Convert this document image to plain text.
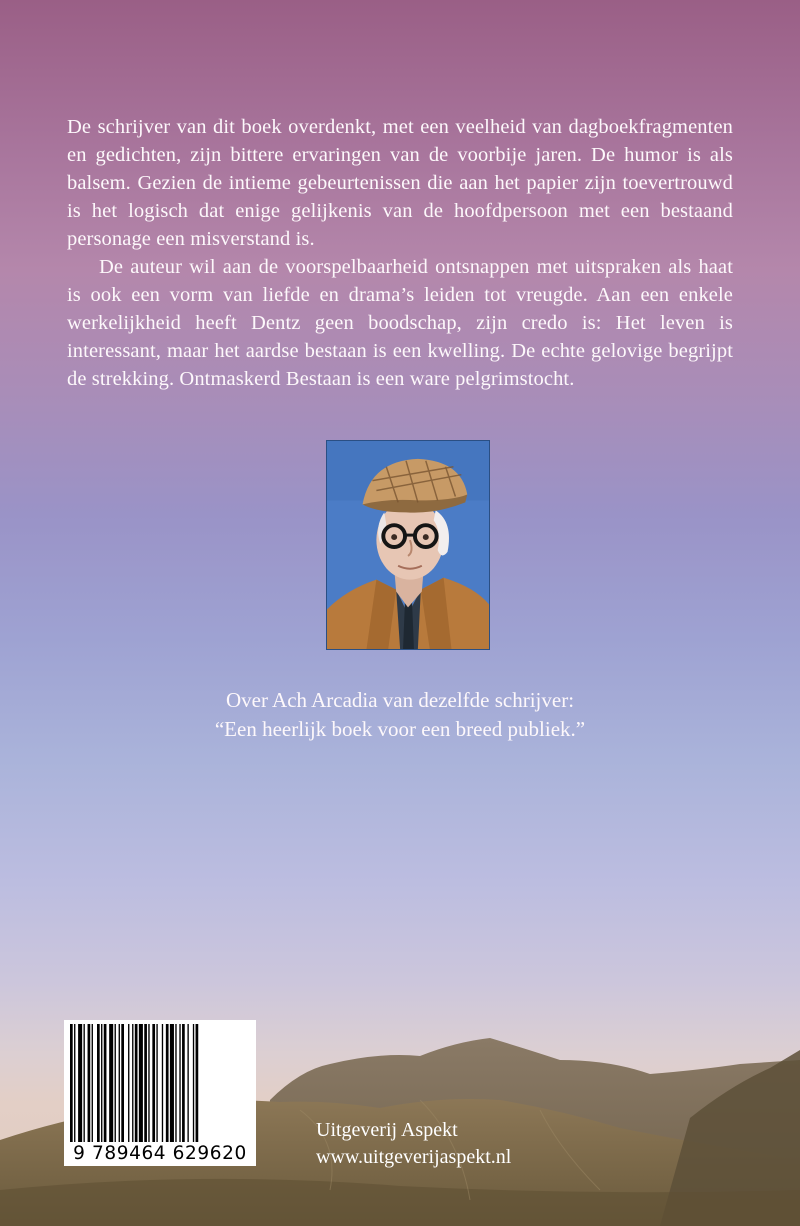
De schrijver van dit boek overdenkt, met een veelheid van dagboekfragmenten en gedichten, zijn bittere ervaringen van de voorbije jaren. De humor is als balsem. Gezien de intieme gebeurtenissen die aan het papier zijn toevertrouwd is het logisch dat enige gelijkenis van de hoofdpersoon met een bestaand personage een misverstand is.

De auteur wil aan de voorspelbaarheid ontsnappen met uitspraken als haat is ook een vorm van liefde en drama’s leiden tot vreugde. Aan een enkele werkelijkheid heeft Dentz geen boodschap, zijn credo is: Het leven is interessant, maar het aardse bestaan is een kwelling. De echte gelovige begrijpt de strekking. Ontmaskerd Bestaan is een ware pelgrimstocht.

Over Ach Arcadia van dezelfde schrijver:
“Een heerlijk boek voor een breed publiek.”
9 789464 629620
Uitgeverij Aspekt
www.uitgeverijaspekt.nl
